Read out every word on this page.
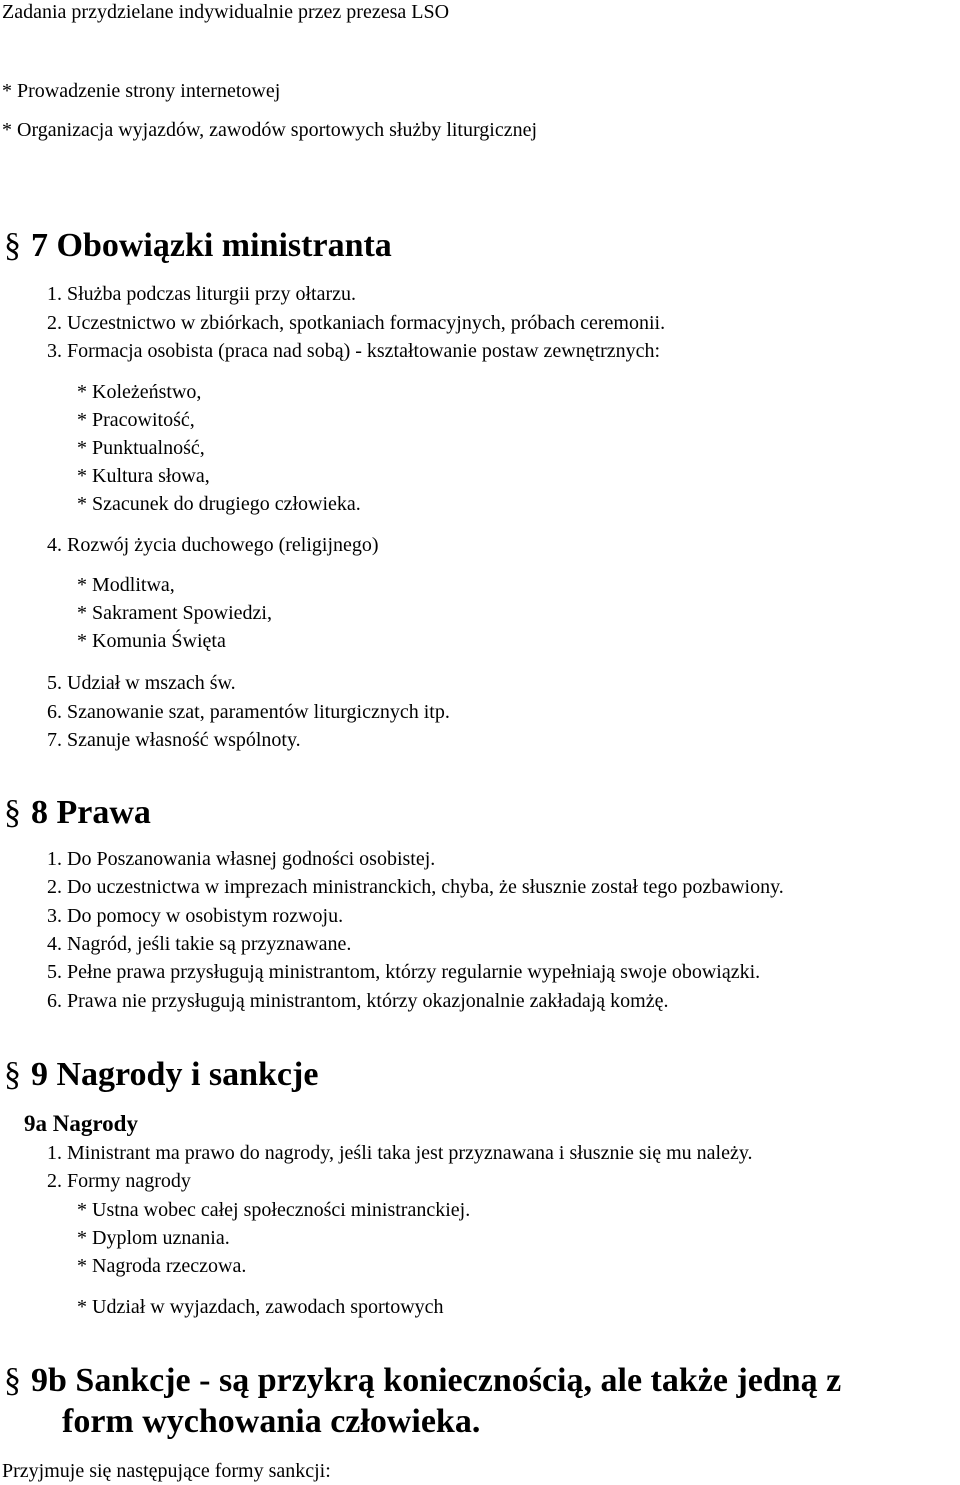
Zadania przydzielane indywidualnie przez prezesa LSO
* Prowadzenie strony internetowej
* Organizacja wyjazdów, zawodów sportowych służby liturgicznej
§ 7 Obowiązki ministranta
1. Służba podczas liturgii przy ołtarzu.
2. Uczestnictwo w zbiórkach, spotkaniach formacyjnych, próbach ceremonii.
3. Formacja osobista (praca nad sobą) - kształtowanie postaw zewnętrznych:
* Koleżeństwo,
* Pracowitość,
* Punktualność,
* Kultura słowa,
* Szacunek do drugiego człowieka.
4. Rozwój życia duchowego (religijnego)
* Modlitwa,
* Sakrament Spowiedzi,
* Komunia Święta
5. Udział w mszach św.
6. Szanowanie szat, paramentów liturgicznych itp.
7. Szanuje własność wspólnoty.
§ 8 Prawa
1. Do Poszanowania własnej godności osobistej.
2. Do uczestnictwa w imprezach ministranckich, chyba, że słusznie został tego pozbawiony.
3. Do pomocy w osobistym rozwoju.
4. Nagród, jeśli takie są przyznawane.
5. Pełne prawa przysługują ministrantom, którzy regularnie wypełniają swoje obowiązki.
6. Prawa nie przysługują ministrantom, którzy okazjonalnie zakładają komżę.
§ 9 Nagrody i sankcje
9a Nagrody
1. Ministrant ma prawo do nagrody, jeśli taka jest przyznawana i słusznie się mu należy.
2. Formy nagrody
* Ustna wobec całej społeczności ministranckiej.
* Dyplom uznania.
* Nagroda rzeczowa.
* Udział w wyjazdach, zawodach sportowych
§ 9b Sankcje - są przykrą koniecznością, ale także jedną z
form wychowania człowieka.
Przyjmuje się następujące formy sankcji:
